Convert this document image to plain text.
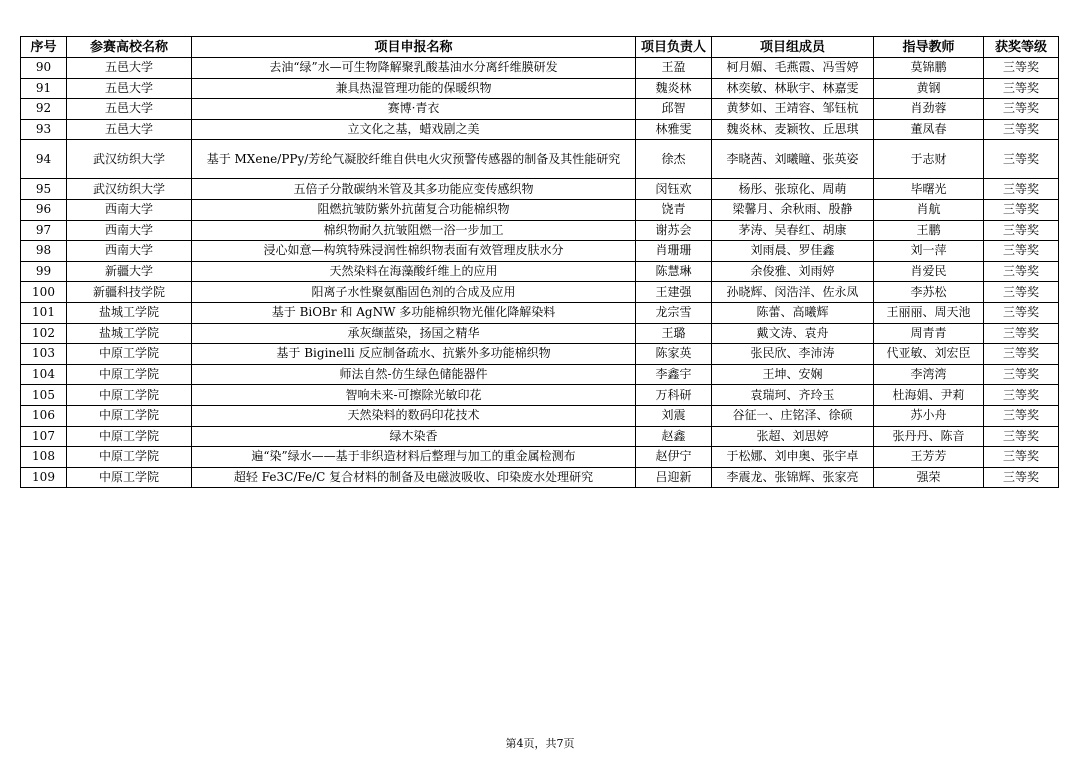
序号	参赛高校名称	项目申报名称	项目负责人	项目组成员	指导教师	获奖等级
90	五邑大学	去油“绿”水—可生物降解聚乳酸基油水分离纤维膜研发	王盈	柯月媚、毛燕霞、冯雪婷	莫锦鹏	三等奖
91	五邑大学	兼具热湿管理功能的保暖织物	魏炎林	林奕敏、林耿宇、林嘉雯	黄钢	三等奖
92	五邑大学	赛博·青衣	邱智	黄梦如、王靖容、邹钰杭	肖劲蓉	三等奖
93	五邑大学	立文化之基，蜡戏剧之美	林雅雯	魏炎林、麦颖牧、丘思琪	董凤春	三等奖
94	武汉纺织大学	基于 MXene/PPy/芳纶气凝胶纤维自供电火灾预警传感器的制备及其性能研究	徐杰	李晓茜、刘曦瞳、张英姿	于志财	三等奖
95	武汉纺织大学	五倍子分散碳纳米管及其多功能应变传感织物	闵钰欢	杨彤、张琼化、周萌	毕曙光	三等奖
96	西南大学	阻燃抗皱防紫外抗菌复合功能棉织物	饶青	梁馨月、余秋雨、殷静	肖航	三等奖
97	西南大学	棉织物耐久抗皱阻燃一浴一步加工	谢苏会	茅涛、吴春红、胡康	王鹏	三等奖
98	西南大学	浸心如意—构筑特殊浸润性棉织物表面有效管理皮肤水分	肖珊珊	刘雨晨、罗佳鑫	刘一萍	三等奖
99	新疆大学	天然染料在海藻酸纤维上的应用	陈慧琳	余俊雅、刘雨婷	肖爱民	三等奖
100	新疆科技学院	阳离子水性聚氨酯固色剂的合成及应用	王建强	孙晓辉、闵浩洋、佐永凤	李苏松	三等奖
101	盐城工学院	基于 BiOBr 和 AgNW 多功能棉织物光催化降解染料	龙宗雪	陈蕾、高曦辉	王丽丽、周天池	三等奖
102	盐城工学院	承灰缬蓝染，扬国之精华	王璐	戴文涛、袁舟	周青青	三等奖
103	中原工学院	基于 Biginelli 反应制备疏水、抗紫外多功能棉织物	陈家英	张民欣、李沛涛	代亚敏、刘宏臣	三等奖
104	中原工学院	师法自然-仿生绿色储能器件	李鑫宇	王坤、安娴	李湾湾	三等奖
105	中原工学院	智响未来-可擦除光敏印花	万科研	袁瑞珂、齐玲玉	杜海娟、尹莉	三等奖
106	中原工学院	天然染料的数码印花技术	刘震	谷征一、庄铭泽、徐硕	苏小舟	三等奖
107	中原工学院	绿木染香	赵鑫	张超、刘思婷	张丹丹、陈音	三等奖
108	中原工学院	遍“染”绿水——基于非织造材料后整理与加工的重金属检测布	赵伊宁	于松娜、刘申奥、张宇卓	王芳芳	三等奖
109	中原工学院	超轻 Fe3C/Fe/C 复合材料的制备及电磁波吸收、印染废水处理研究	吕迎新	李震龙、张锦辉、张家亮	强荣	三等奖
第4页，共7页
